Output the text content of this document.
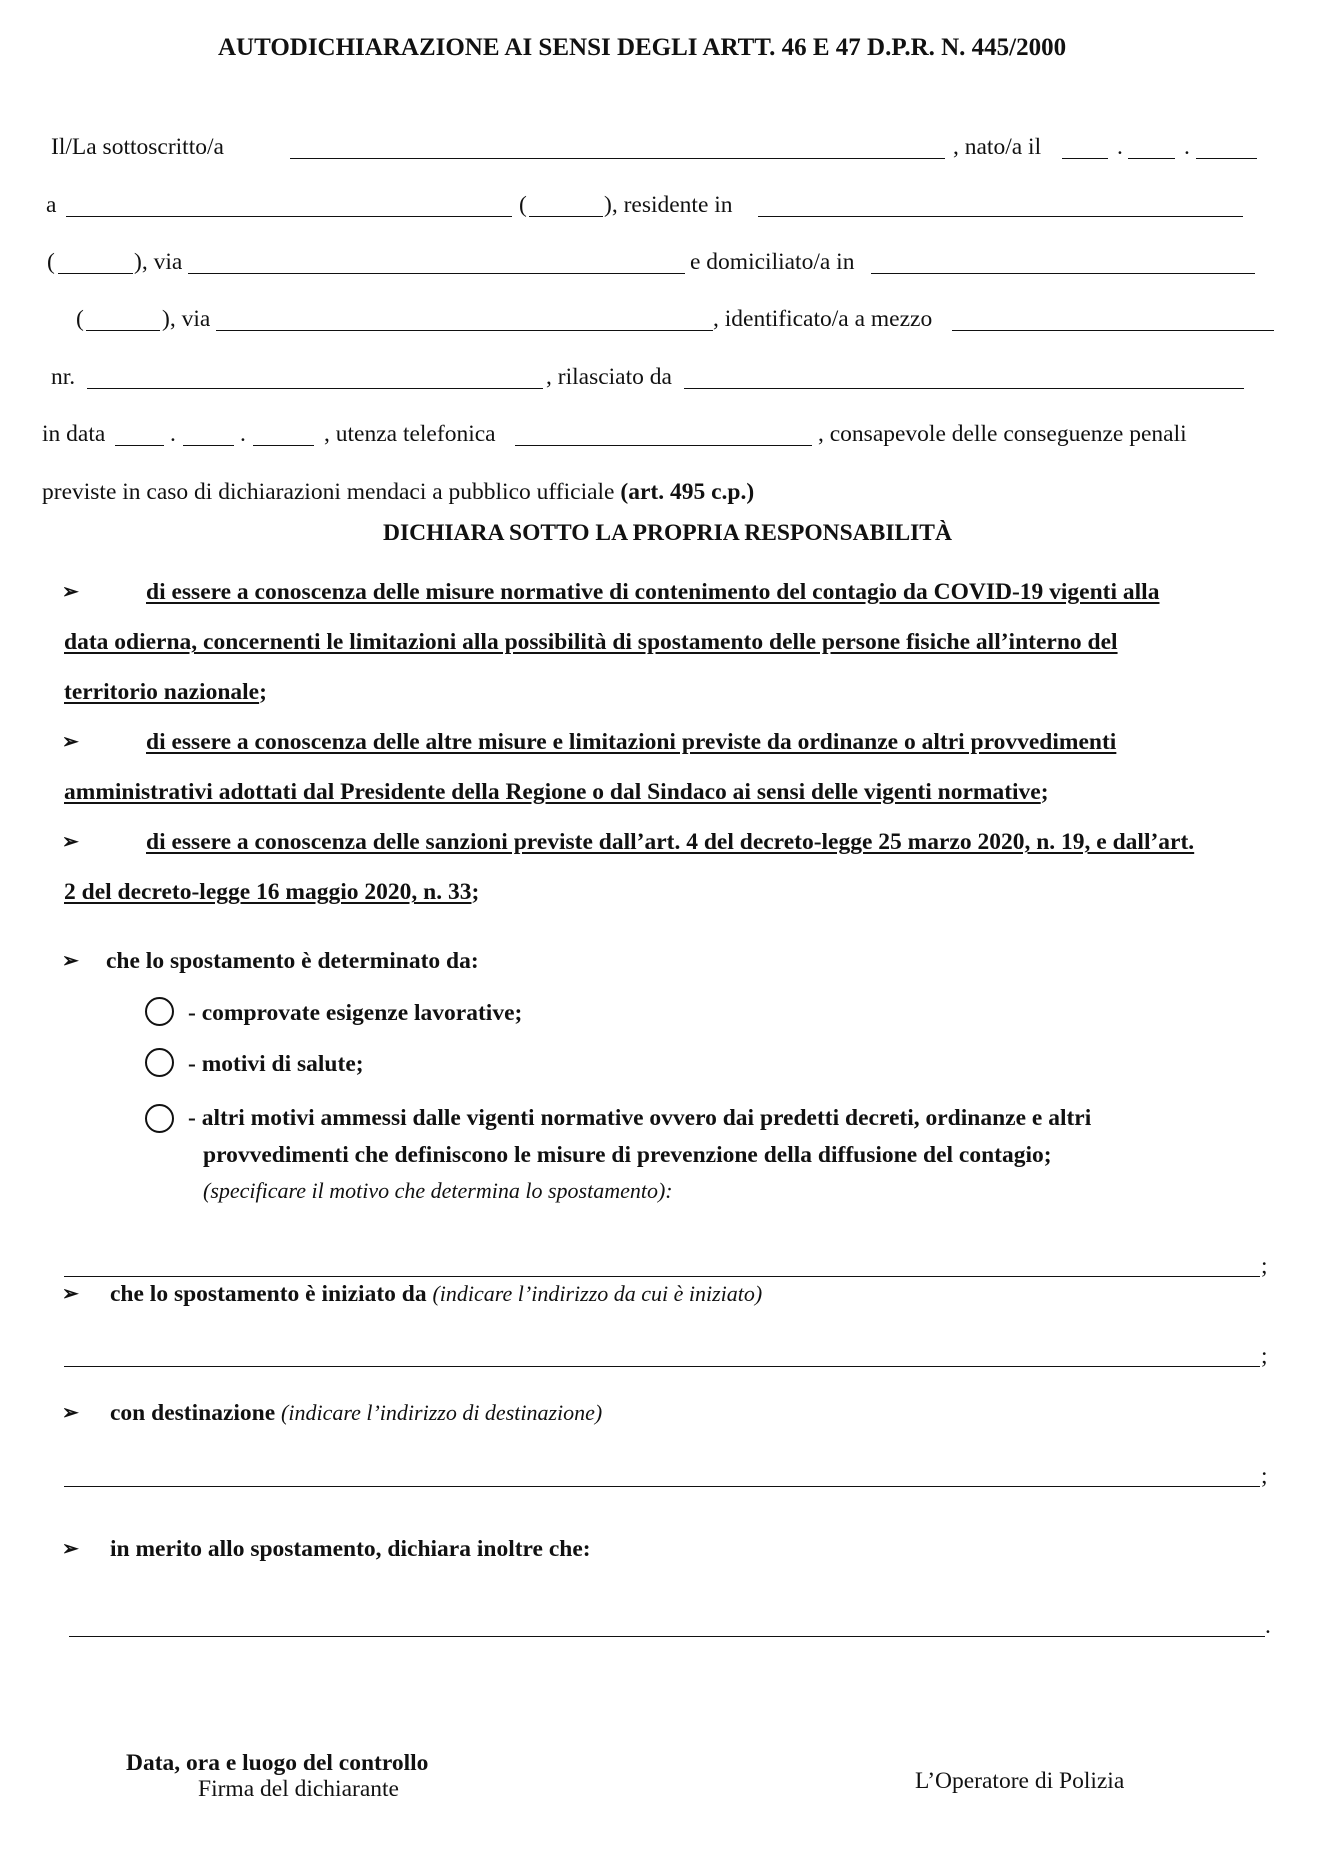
AUTODICHIARAZIONE AI SENSI DEGLI ARTT. 46 E 47 D.P.R. N. 445/2000
Il/La sottoscritto/a	, nato/a il	.	.
a	(	), residente in
(	), via	e domiciliato/a in
(	), via	, identificato/a a mezzo
nr.	, rilasciato da
in data	.	.	, utenza telefonica	, consapevole delle conseguenze penali
previste in caso di dichiarazioni mendaci a pubblico ufficiale (art. 495 c.p.)
DICHIARA SOTTO LA PROPRIA RESPONSABILITÀ
➢	di essere a conoscenza delle misure normative di contenimento del contagio da COVID-19 vigenti alla
data odierna, concernenti le limitazioni alla possibilità di spostamento delle persone fisiche all’interno del
territorio nazionale;
➢	di essere a conoscenza delle altre misure e limitazioni previste da ordinanze o altri provvedimenti
amministrativi adottati dal Presidente della Regione o dal Sindaco ai sensi delle vigenti normative;
➢	di essere a conoscenza delle sanzioni previste dall’art. 4 del decreto-legge 25 marzo 2020, n. 19, e dall’art.
2 del decreto-legge 16 maggio 2020, n. 33;
➢ che lo spostamento è determinato da:
- comprovate esigenze lavorative;
- motivi di salute;
- altri motivi ammessi dalle vigenti normative ovvero dai predetti decreti, ordinanze e altri
provvedimenti che definiscono le misure di prevenzione della diffusione del contagio;
(specificare il motivo che determina lo spostamento):
;
➢ che lo spostamento è iniziato da (indicare l’indirizzo da cui è iniziato)
;
➢ con destinazione (indicare l’indirizzo di destinazione)
;
➢ in merito allo spostamento, dichiara inoltre che:
.
Data, ora e luogo del controllo
Firma del dichiarante	L’Operatore di Polizia
